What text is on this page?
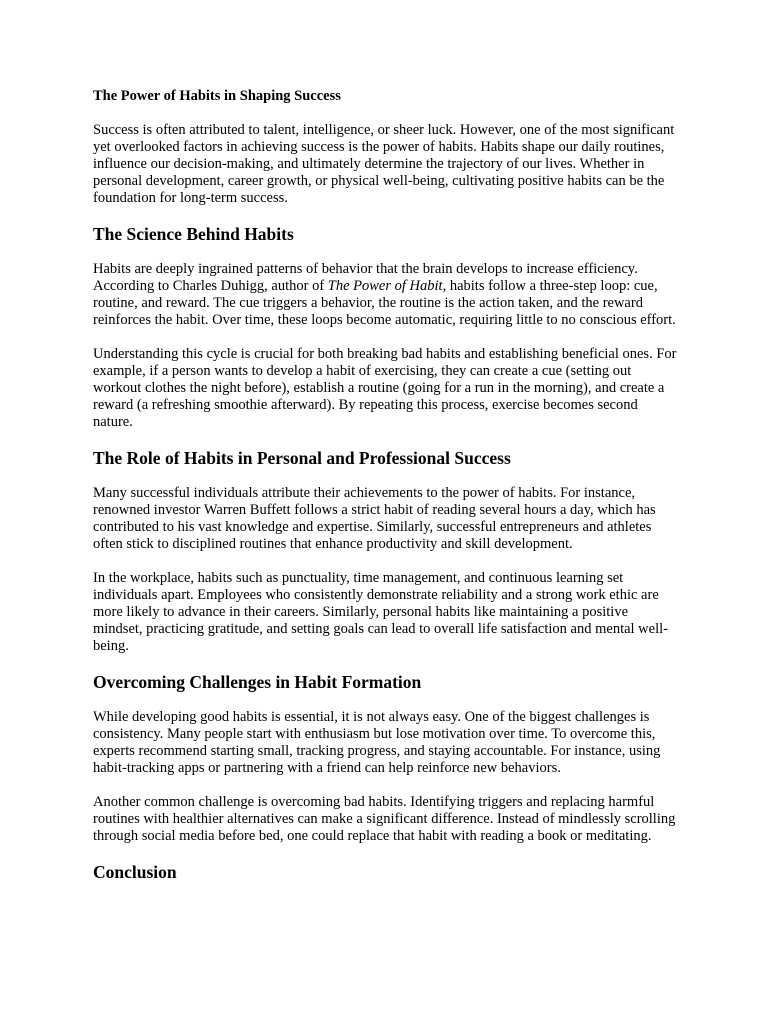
The Power of Habits in Shaping Success

Success is often attributed to talent, intelligence, or sheer luck. However, one of the most significant yet overlooked factors in achieving success is the power of habits. Habits shape our daily routines, influence our decision-making, and ultimately determine the trajectory of our lives. Whether in personal development, career growth, or physical well-being, cultivating positive habits can be the foundation for long-term success.

The Science Behind Habits

Habits are deeply ingrained patterns of behavior that the brain develops to increase efficiency. According to Charles Duhigg, author of The Power of Habit, habits follow a three-step loop: cue, routine, and reward. The cue triggers a behavior, the routine is the action taken, and the reward reinforces the habit. Over time, these loops become automatic, requiring little to no conscious effort.

Understanding this cycle is crucial for both breaking bad habits and establishing beneficial ones. For example, if a person wants to develop a habit of exercising, they can create a cue (setting out workout clothes the night before), establish a routine (going for a run in the morning), and create a reward (a refreshing smoothie afterward). By repeating this process, exercise becomes second nature.

The Role of Habits in Personal and Professional Success

Many successful individuals attribute their achievements to the power of habits. For instance, renowned investor Warren Buffett follows a strict habit of reading several hours a day, which has contributed to his vast knowledge and expertise. Similarly, successful entrepreneurs and athletes often stick to disciplined routines that enhance productivity and skill development.

In the workplace, habits such as punctuality, time management, and continuous learning set individuals apart. Employees who consistently demonstrate reliability and a strong work ethic are more likely to advance in their careers. Similarly, personal habits like maintaining a positive mindset, practicing gratitude, and setting goals can lead to overall life satisfaction and mental well-being.

Overcoming Challenges in Habit Formation

While developing good habits is essential, it is not always easy. One of the biggest challenges is consistency. Many people start with enthusiasm but lose motivation over time. To overcome this, experts recommend starting small, tracking progress, and staying accountable. For instance, using habit-tracking apps or partnering with a friend can help reinforce new behaviors.

Another common challenge is overcoming bad habits. Identifying triggers and replacing harmful routines with healthier alternatives can make a significant difference. Instead of mindlessly scrolling through social media before bed, one could replace that habit with reading a book or meditating.

Conclusion
